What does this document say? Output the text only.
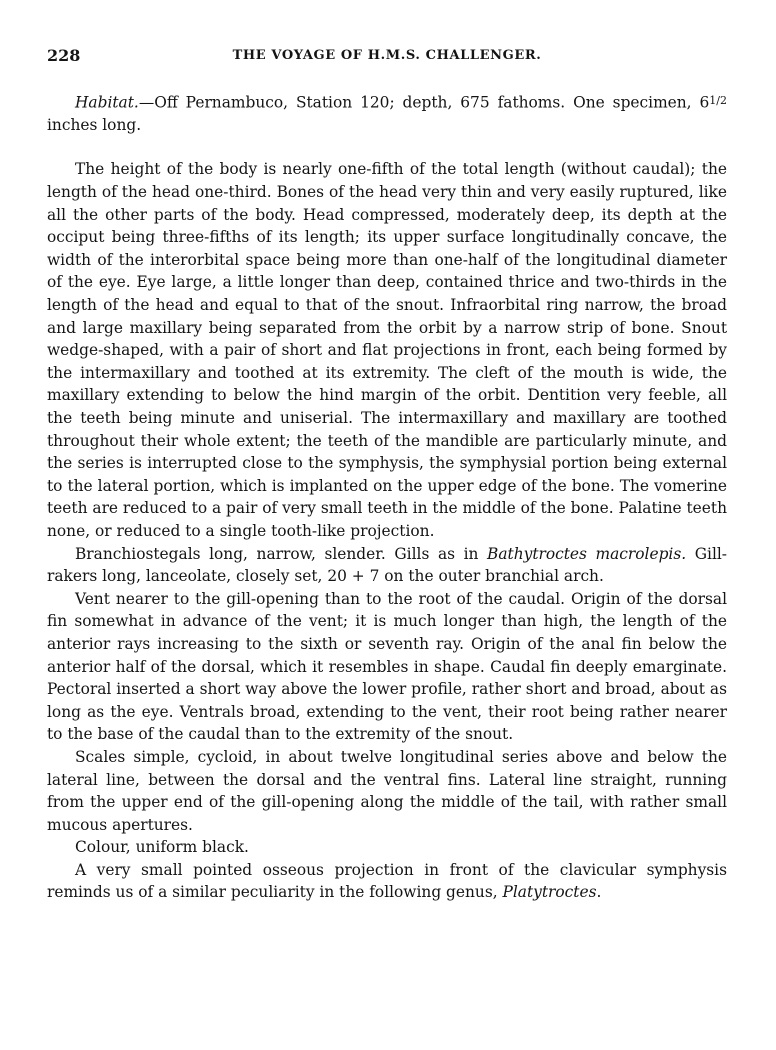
228	THE VOYAGE OF H.M.S. CHALLENGER.

Habitat.—Off Pernambuco, Station 120; depth, 675 fathoms. One specimen, $6^{1/2}$ inches long.

The height of the body is nearly one-fifth of the total length (without caudal); the length of the head one-third. Bones of the head very thin and very easily ruptured, like all the other parts of the body. Head compressed, moderately deep, its depth at the occiput being three-fifths of its length; its upper surface longitudinally concave, the width of the interorbital space being more than one-half of the longitudinal diameter of the eye. Eye large, a little longer than deep, contained thrice and two-thirds in the length of the head and equal to that of the snout. Infraorbital ring narrow, the broad and large maxillary being separated from the orbit by a narrow strip of bone. Snout wedge-shaped, with a pair of short and flat projections in front, each being formed by the intermaxillary and toothed at its extremity. The cleft of the mouth is wide, the maxillary extending to below the hind margin of the orbit. Dentition very feeble, all the teeth being minute and uniserial. The intermaxillary and maxillary are toothed throughout their whole extent; the teeth of the mandible are particularly minute, and the series is interrupted close to the symphysis, the symphysial portion being external to the lateral portion, which is implanted on the upper edge of the bone. The vomerine teeth are reduced to a pair of very small teeth in the middle of the bone. Palatine teeth none, or reduced to a single tooth-like projection.

Branchiostegals long, narrow, slender. Gills as in Bathytroctes macrolepis. Gill-rakers long, lanceolate, closely set, 20 + 7 on the outer branchial arch.

Vent nearer to the gill-opening than to the root of the caudal. Origin of the dorsal fin somewhat in advance of the vent; it is much longer than high, the length of the anterior rays increasing to the sixth or seventh ray. Origin of the anal fin below the anterior half of the dorsal, which it resembles in shape. Caudal fin deeply emarginate. Pectoral inserted a short way above the lower profile, rather short and broad, about as long as the eye. Ventrals broad, extending to the vent, their root being rather nearer to the base of the caudal than to the extremity of the snout.

Scales simple, cycloid, in about twelve longitudinal series above and below the lateral line, between the dorsal and the ventral fins. Lateral line straight, running from the upper end of the gill-opening along the middle of the tail, with rather small mucous apertures.

Colour, uniform black.

A very small pointed osseous projection in front of the clavicular symphysis reminds us of a similar peculiarity in the following genus, Platytroctes.
